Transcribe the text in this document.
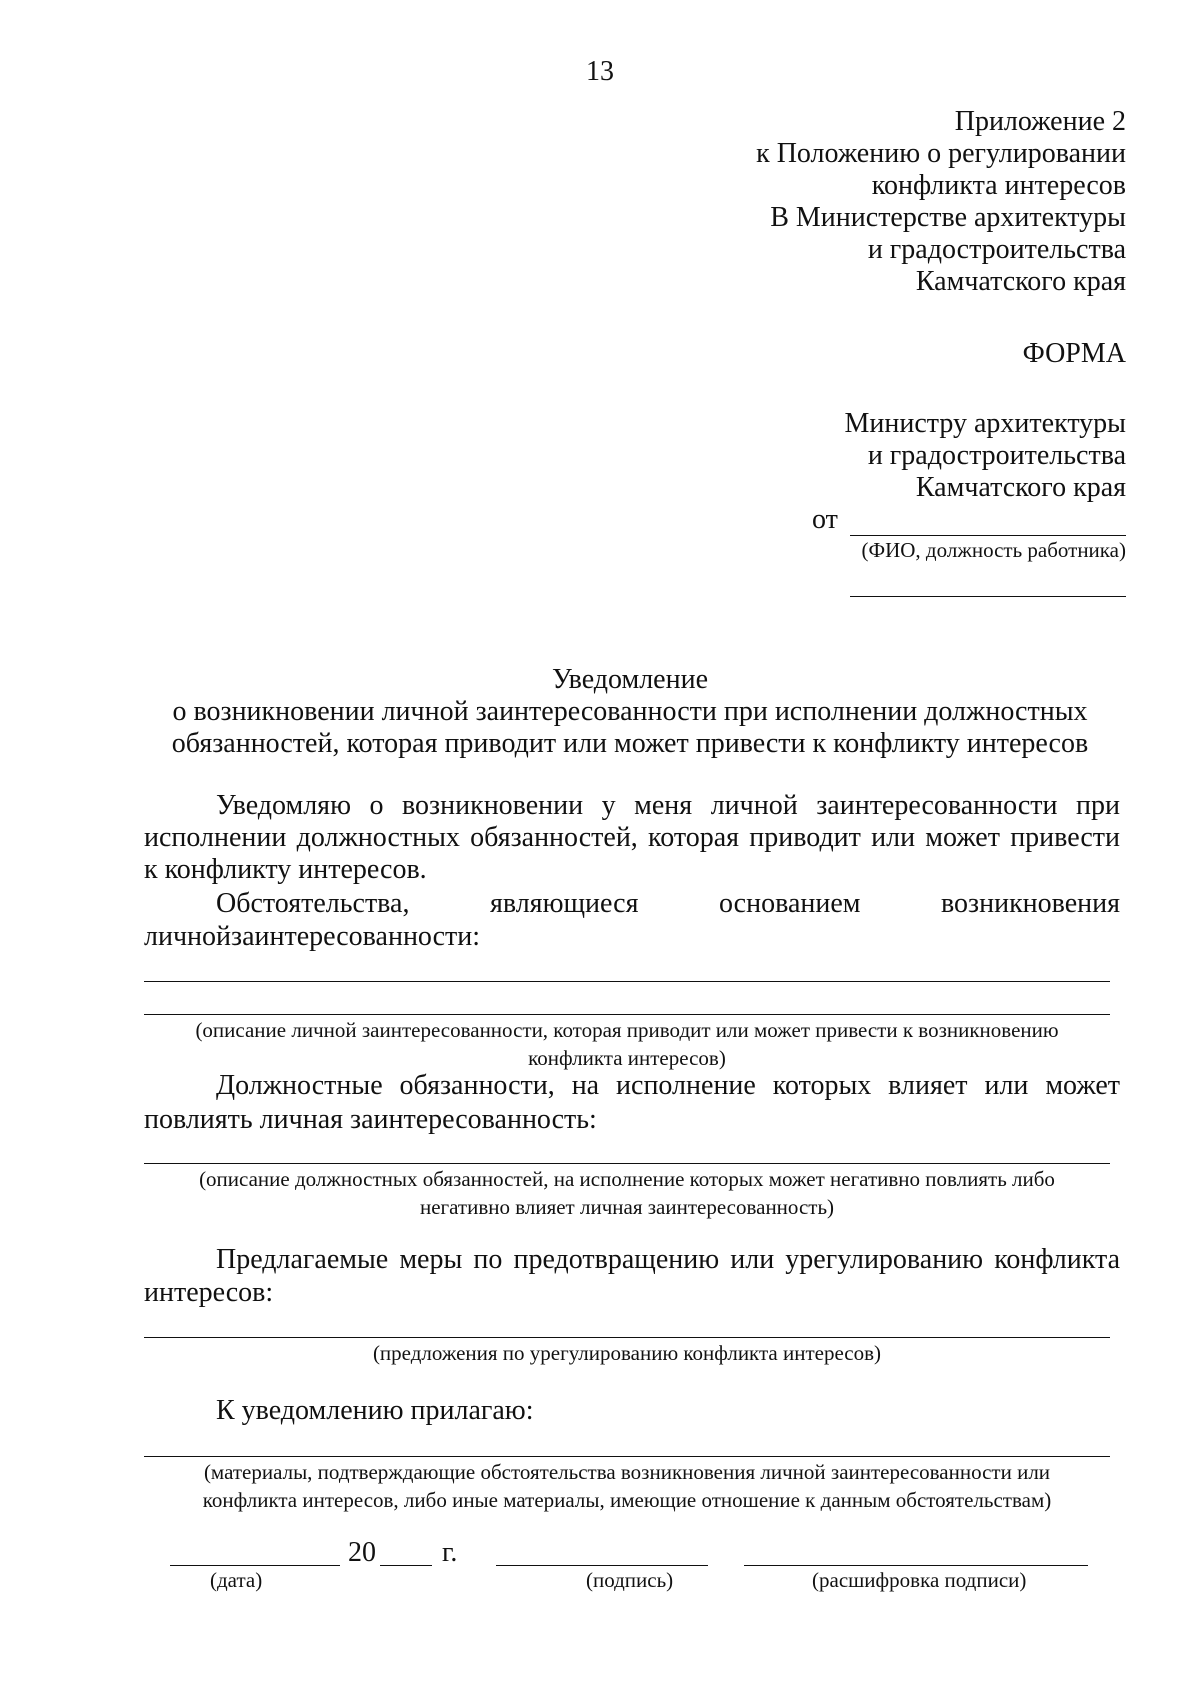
13
Приложение 2
к Положению о регулировании
конфликта интересов
В Министерстве архитектуры
и градостроительства
Камчатского края
ФОРМА
Министру архитектуры
и градостроительства
Камчатского края
от
(ФИО, должность работника)
Уведомление
о возникновении личной заинтересованности при исполнении должностных
обязанностей, которая приводит или может привести к конфликту интересов
Уведомляю о возникновении у меня личной заинтересованности при
исполнении должностных обязанностей, которая приводит или может привести
к конфликту интересов.
Обстоятельства, являющиеся основанием возникновения
личнойзаинтересованности:
(описание личной заинтересованности, которая приводит или может привести к возникновению
конфликта интересов)
Должностные обязанности, на исполнение которых влияет или может
повлиять личная заинтересованность:
(описание должностных обязанностей, на исполнение которых может негативно повлиять либо
негативно влияет личная заинтересованность)
Предлагаемые меры по предотвращению или урегулированию конфликта
интересов:
(предложения по урегулированию конфликта интересов)
К уведомлению прилагаю:
(материалы, подтверждающие обстоятельства возникновения личной заинтересованности или
конфликта интересов, либо иные материалы, имеющие отношение к данным обстоятельствам)
20 г.
(дата)	(подпись)	(расшифровка подписи)
